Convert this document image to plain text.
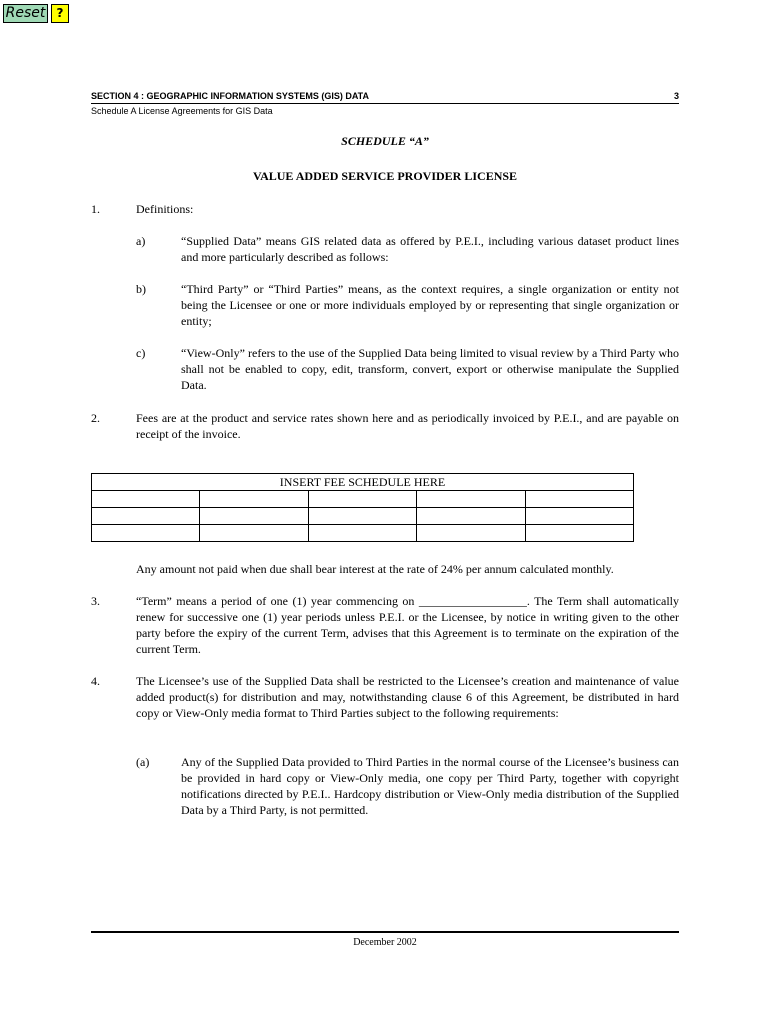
Reset ?
SECTION 4 : GEOGRAPHIC INFORMATION SYSTEMS (GIS) DATA	3
Schedule A License Agreements for GIS Data
SCHEDULE “A”
VALUE ADDED SERVICE PROVIDER LICENSE
1.	Definitions:
a)	“Supplied Data” means GIS related data as offered by P.E.I., including various dataset product lines and more particularly described as follows:
b)	“Third Party” or “Third Parties” means, as the context requires, a single organization or entity not being the Licensee or one or more individuals employed by or representing that single organization or entity;
c)	“View-Only” refers to the use of the Supplied Data being limited to visual review by a Third Party who shall not be enabled to copy, edit, transform, convert, export or otherwise manipulate the Supplied Data.
2.	Fees are at the product and service rates shown here and as periodically invoiced by P.E.I., and are payable on receipt of the invoice.
INSERT FEE SCHEDULE HERE				

Any amount not paid when due shall bear interest at the rate of 24% per annum calculated monthly.
3.	“Term” means a period of one (1) year commencing on __________________. The Term shall automatically renew for successive one (1) year periods unless P.E.I. or the Licensee, by notice in writing given to the other party before the expiry of the current Term, advises that this Agreement is to terminate on the expiration of the current Term.
4.	The Licensee’s use of the Supplied Data shall be restricted to the Licensee’s creation and maintenance of value added product(s) for distribution and may, notwithstanding clause 6 of this Agreement, be distributed in hard copy or View-Only media format to Third Parties subject to the following requirements:
(a)	Any of the Supplied Data provided to Third Parties in the normal course of the Licensee’s business can be provided in hard copy or View-Only media, one copy per Third Party, together with copyright notifications directed by P.E.I.. Hardcopy distribution or View-Only media distribution of the Supplied Data by a Third Party, is not permitted.
December 2002
